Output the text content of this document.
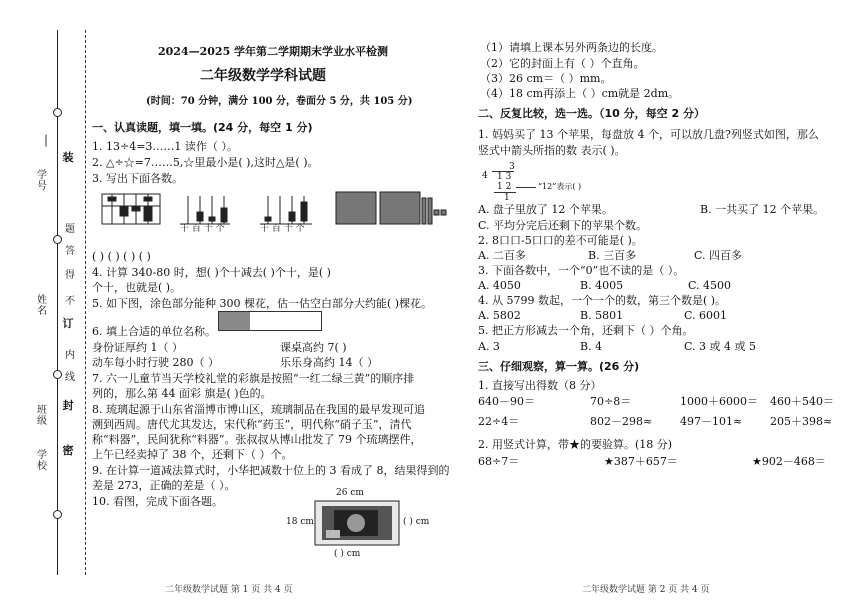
学号
姓名
班级
学校
装
题
答
得
不
订
内
线
封
密
2024—2025 学年第二学期期末学业水平检测
二年级数学学科试题
(时间：70 分钟，满分 100 分，卷面分 5 分，共 105 分)
一、认真读题，填一填。(24 分，每空 1 分)
1. 13÷4=3……1 读作（ ）。
2. △÷☆=7……5,☆里最小是( ),这时△是( )。
3. 写出下面各数。
千 百 十 个	千 百 十 个
( ) ( ) ( ) ( )
4. 计算 340-80 时，想( )个十减去( )个十，是( )
个十，也就是( )。
5. 如下图，涂色部分能种 300 棵花，估一估空白部分大约能( )棵花。
6. 填上合适的单位名称。
身份证厚约 1（ ）	课桌高约 7( )
动车每小时行驶 280（ ）	乐乐身高约 14（ ）
7. 六一儿童节当天学校礼堂的彩旗是按照“一红二绿三黄”的顺序排
列的，那么第 44 面彩 旗是( )色的。
8. 琉璃起源于山东省淄博市博山区，琉璃制品在我国的最早发现可追
溯到西周。唐代尤其发达，宋代称“药玉”，明代称“硝子玉”，清代
称“料器”，民间犹称“料器”。张叔叔从博山批发了 79 个琉璃摆件，
上午已经卖掉了 38 个，还剩下（ ）个。
9. 在计算一道减法算式时，小华把减数十位上的 3 看成了 8，结果得到的
差是 273，正确的差是（ ）。
10. 看图，完成下面各题。
26 cm
18 cm	( ) cm
( ) cm
二年级数学试题 第 1 页 共 4 页
（1）请填上课本另外两条边的长度。
（2）它的封面上有（ ）个直角。
（3）26 cm＝（ ）mm。
（4）18 cm再添上（ ）cm就是 2dm。
二、反复比较，选一选。（10 分，每空 2 分）
1. 妈妈买了 13 个苹果，每盘放 4 个，可以放几盘?列竖式如图，那么
竖式中箭头所指的数 表示( )。
3
4 1 3
1 2
1
“12”表示( )
A. 盘子里放了 12 个苹果。	B. 一共买了 12 个苹果。
C. 平均分完后还剩下的苹果个数。
2. 8口口-5口口的差不可能是( )。
A. 二百多	B. 三百多	C. 四百多
3. 下面各数中，一个“0”也不读的是（ ）。
A. 4050	B. 4005	C. 4500
4. 从 5799 数起，一个一个的数，第三个数是( )。
A. 5802	B. 5801	C. 6001
5. 把正方形减去一个角，还剩下（ ）个角。
A. 3	B. 4	C. 3 或 4 或 5
三、仔细观察，算一算。(26 分)
1. 直接写出得数（8 分）
640－90＝	70÷8＝	1000＋6000＝ 460＋540＝
22÷4＝	802－298≈	497－101≈	205＋398≈
2. 用竖式计算，带★的要验算。(18 分)
68÷7＝	★387＋657＝	★902－468＝
二年级数学试题 第 2 页 共 4 页
